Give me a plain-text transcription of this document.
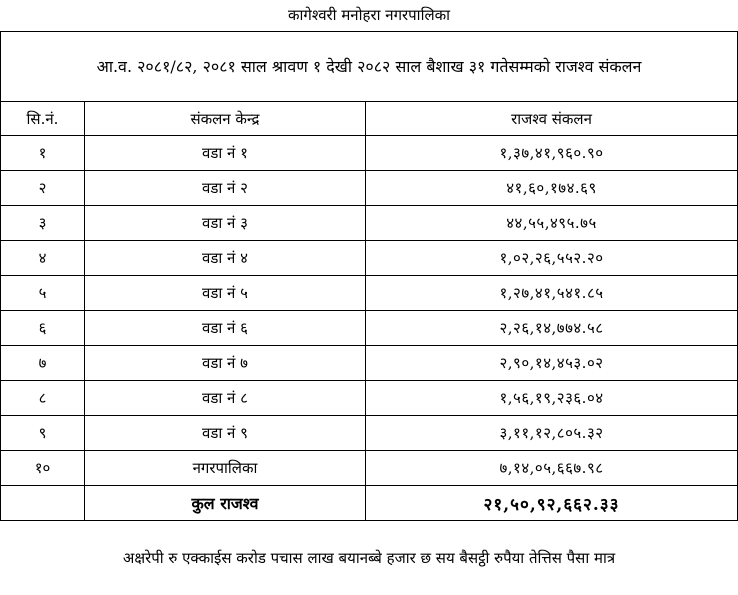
कागेश्वरी मनोहरा नगरपालिका
आ.व. २०८१/८२, २०८१ साल श्रावण १ देखी २०८२ साल बैशाख ३१ गतेसम्मको राजश्व संकलन		
सि.नं.	संकलन केन्द्र	राजश्व संकलन
१	वडा नं १	१,३७,४१,९६०.९०
२	वडा नं २	४१,६०,१७४.६९
३	वडा नं ३	४४,५५,४९५.७५
४	वडा नं ४	१,०२,२६,५५२.२०
५	वडा नं ५	१,२७,४१,५४१.८५
६	वडा नं ६	२,२६,१४,७७४.५८
७	वडा नं ७	२,९०,१४,४५३.०२
८	वडा नं ८	१,५६,१९,२३६.०४
९	वडा नं ९	३,११,१२,८०५.३२
१०	नगरपालिका	७,१४,०५,६६७.९८
	कुल राजश्व	२१,५०,९२,६६२.३३
अक्षरेपी रु एक्काईस करोड पचास लाख बयानब्बे हजार छ सय बैसट्ठी रुपैया तेत्तिस पैसा मात्र
